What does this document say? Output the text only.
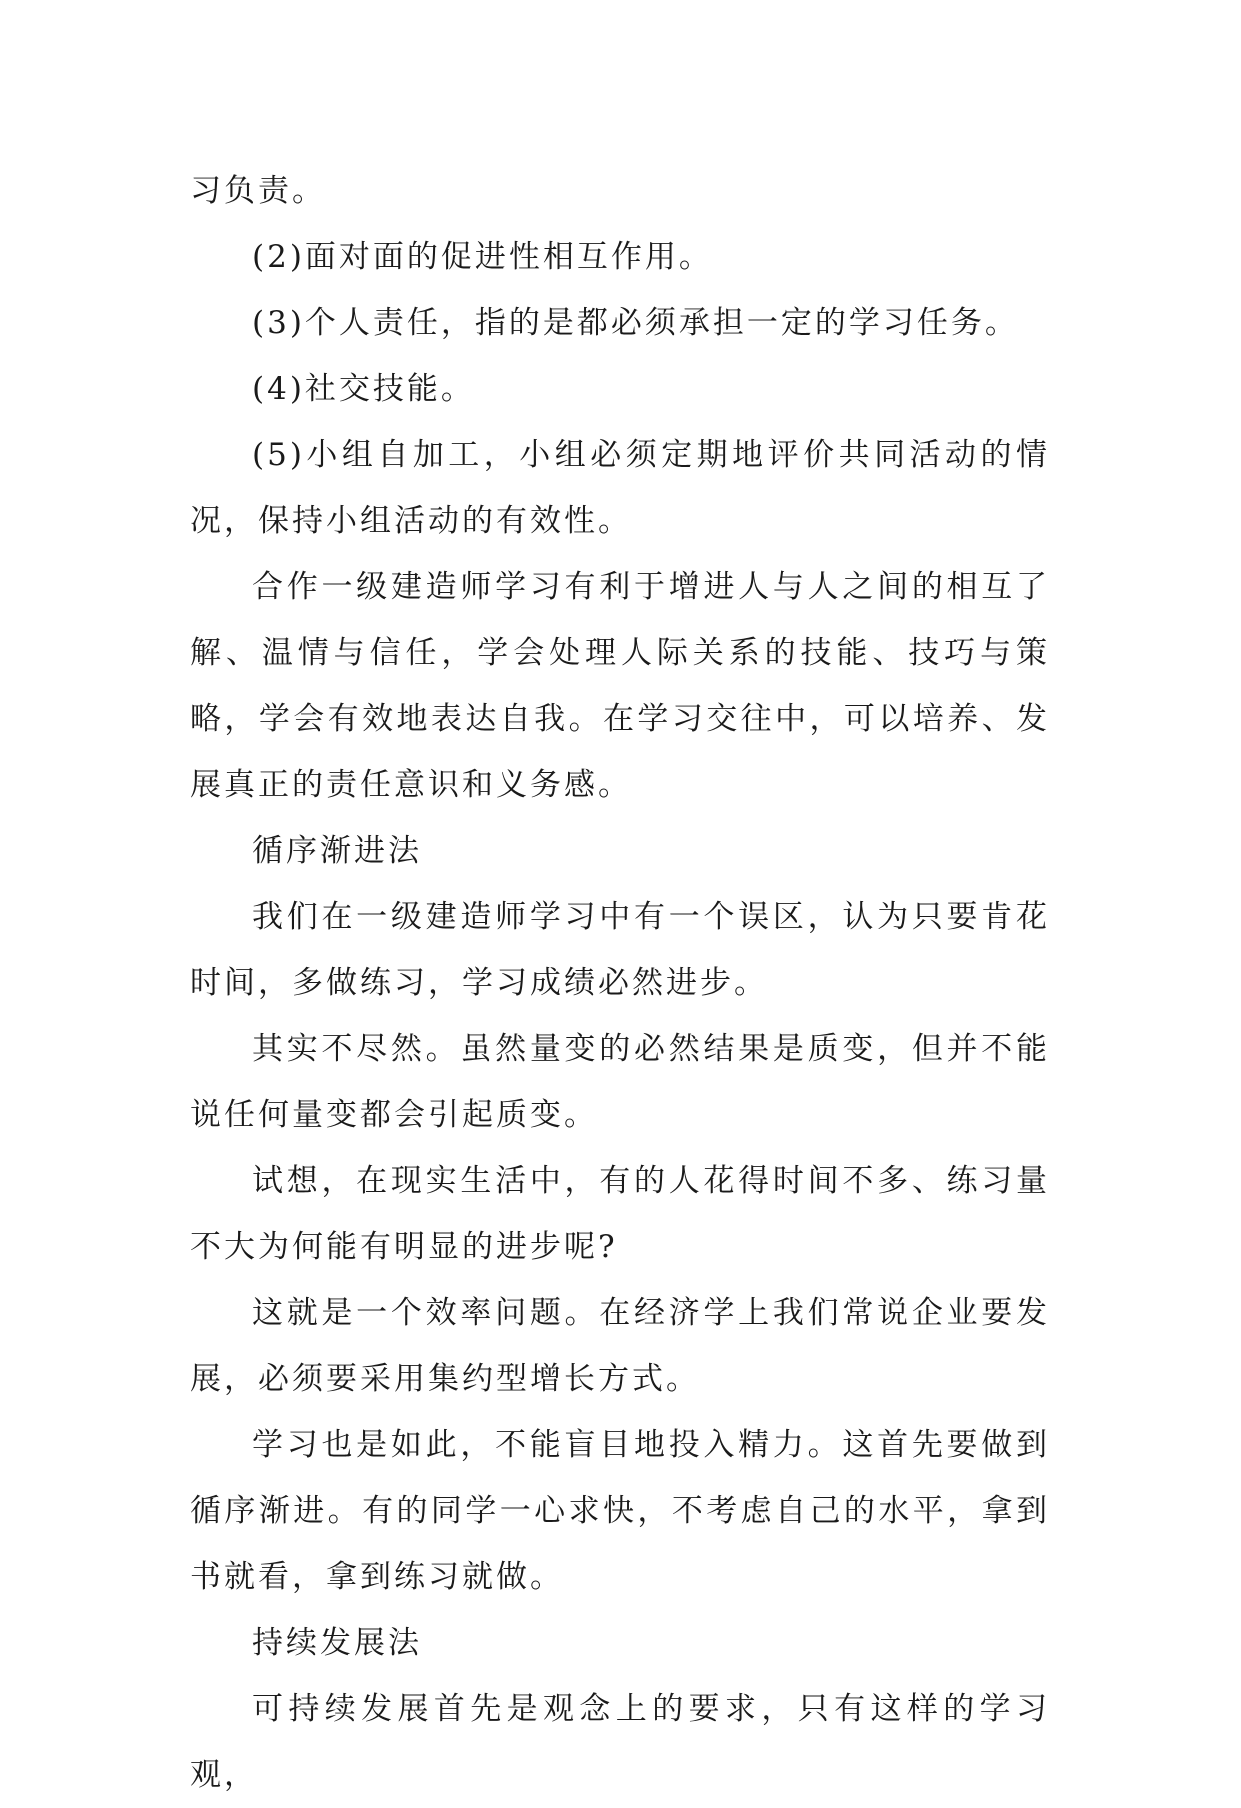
习负责。

(2)面对面的促进性相互作用。

(3)个人责任，指的是都必须承担一定的学习任务。

(4)社交技能。

(5)小组自加工，小组必须定期地评价共同活动的情况，保持小组活动的有效性。

合作一级建造师学习有利于增进人与人之间的相互了解、温情与信任，学会处理人际关系的技能、技巧与策略，学会有效地表达自我。在学习交往中，可以培养、发展真正的责任意识和义务感。

循序渐进法

我们在一级建造师学习中有一个误区，认为只要肯花时间，多做练习，学习成绩必然进步。

其实不尽然。虽然量变的必然结果是质变，但并不能说任何量变都会引起质变。

试想，在现实生活中，有的人花得时间不多、练习量不大为何能有明显的进步呢?

这就是一个效率问题。在经济学上我们常说企业要发展，必须要采用集约型增长方式。

学习也是如此，不能盲目地投入精力。这首先要做到循序渐进。有的同学一心求快，不考虑自己的水平，拿到书就看，拿到练习就做。

持续发展法

可持续发展首先是观念上的要求，只有这样的学习观，
